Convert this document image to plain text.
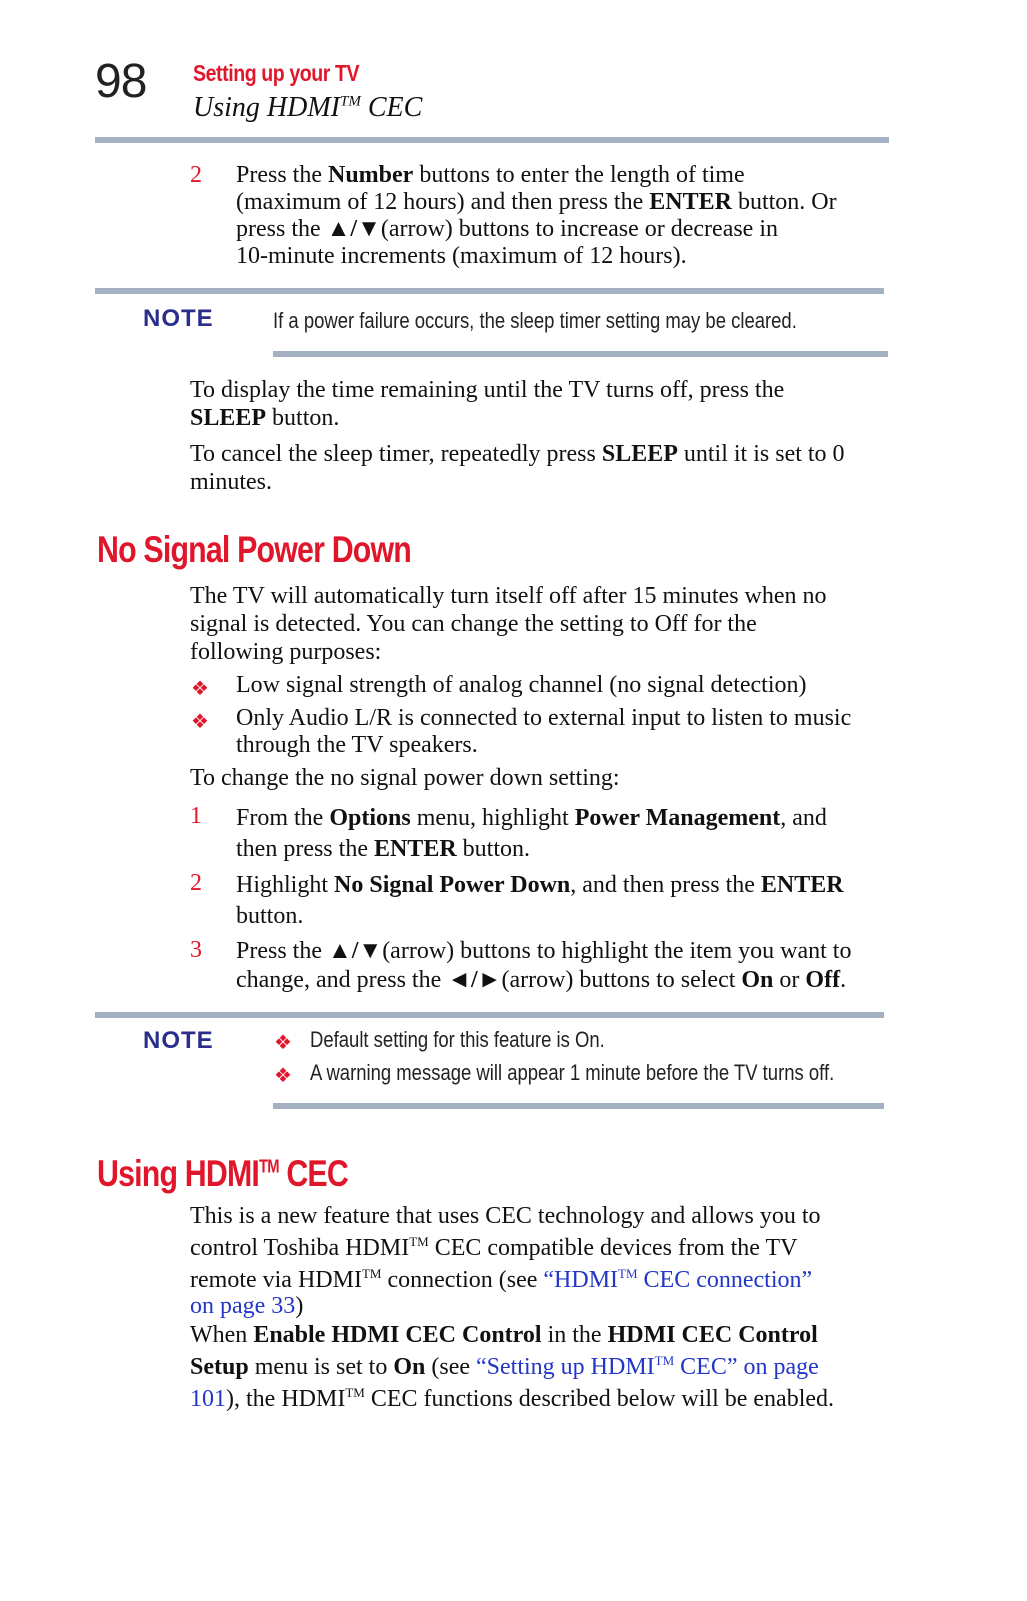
98 Setting up your TV
Using HDMI™ CEC
2 Press the Number buttons to enter the length of time
(maximum of 12 hours) and then press the ENTER button. Or
press the ▲/▼(arrow) buttons to increase or decrease in
10-minute increments (maximum of 12 hours).
NOTE	If a power failure occurs, the sleep timer setting may be cleared.
To display the time remaining until the TV turns off, press the
SLEEP button.
To cancel the sleep timer, repeatedly press SLEEP until it is set to 0
minutes.
No Signal Power Down
The TV will automatically turn itself off after 15 minutes when no
signal is detected. You can change the setting to Off for the
following purposes:
❖ Low signal strength of analog channel (no signal detection)
❖ Only Audio L/R is connected to external input to listen to music
through the TV speakers.
To change the no signal power down setting:
1 From the Options menu, highlight Power Management, and
then press the ENTER button.
2 Highlight No Signal Power Down, and then press the ENTER
button.
3 Press the ▲/▼(arrow) buttons to highlight the item you want to
change, and press the ◄/►(arrow) buttons to select On or Off.
NOTE	❖ Default setting for this feature is On.
❖ A warning message will appear 1 minute before the TV turns off.
Using HDMI™ CEC
This is a new feature that uses CEC technology and allows you to
control Toshiba HDMI™ CEC compatible devices from the TV
remote via HDMI™ connection (see “HDMI™ CEC connection”
on page 33)
When Enable HDMI CEC Control in the HDMI CEC Control
Setup menu is set to On (see “Setting up HDMI™ CEC” on page
101), the HDMI™ CEC functions described below will be enabled.
